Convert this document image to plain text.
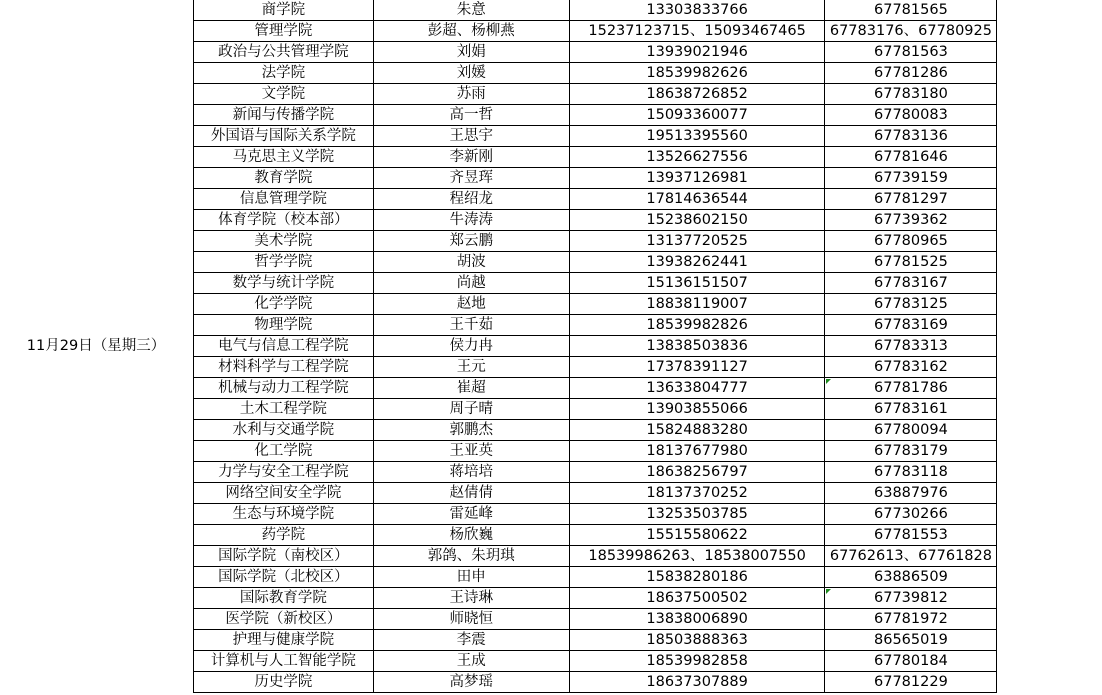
11月29日（星期三）	商学院	朱意	13303833766	67781565	
	管理学院	彭超、杨柳燕	15237123715、15093467465	67783176、67780925	
	政治与公共管理学院	刘娟	13939021946	67781563	
	法学院	刘媛	18539982626	67781286	
	文学院	苏雨	18638726852	67783180	
	新闻与传播学院	高一哲	15093360077	67780083	
	外国语与国际关系学院	王思宇	19513395560	67783136	
	马克思主义学院	李新刚	13526627556	67781646	
	教育学院	齐昱珲	13937126981	67739159	
	信息管理学院	程绍龙	17814636544	67781297	
	体育学院（校本部）	牛涛涛	15238602150	67739362	
	美术学院	郑云鹏	13137720525	67780965	
	哲学学院	胡波	13938262441	67781525	
	数学与统计学院	尚越	15136151507	67783167	
	化学学院	赵地	18838119007	67783125	
	物理学院	王千茹	18539982826	67783169	
	电气与信息工程学院	侯力冉	13838503836	67783313	
	材料科学与工程学院	王元	17378391127	67783162	
	机械与动力工程学院	崔超	13633804777	67781786	
	土木工程学院	周子晴	13903855066	67783161	
	水利与交通学院	郭鹏杰	15824883280	67780094	
	化工学院	王亚英	18137677980	67783179	
	力学与安全工程学院	蒋培培	18638256797	67783118	
	网络空间安全学院	赵倩倩	18137370252	63887976	
	生态与环境学院	雷延峰	13253503785	67730266	
	药学院	杨欣巍	15515580622	67781553	
	国际学院（南校区）	郭鸽、朱玥琪	18539986263、18538007550	67762613、67761828	
	国际学院（北校区）	田申	15838280186	63886509	
	国际教育学院	王诗琳	18637500502	67739812	
	医学院（新校区）	师晓恒	13838006890	67781972	
	护理与健康学院	李震	18503888363	86565019	
	计算机与人工智能学院	王成	18539982858	67780184	
	历史学院	高梦瑶	18637307889	67781229	
